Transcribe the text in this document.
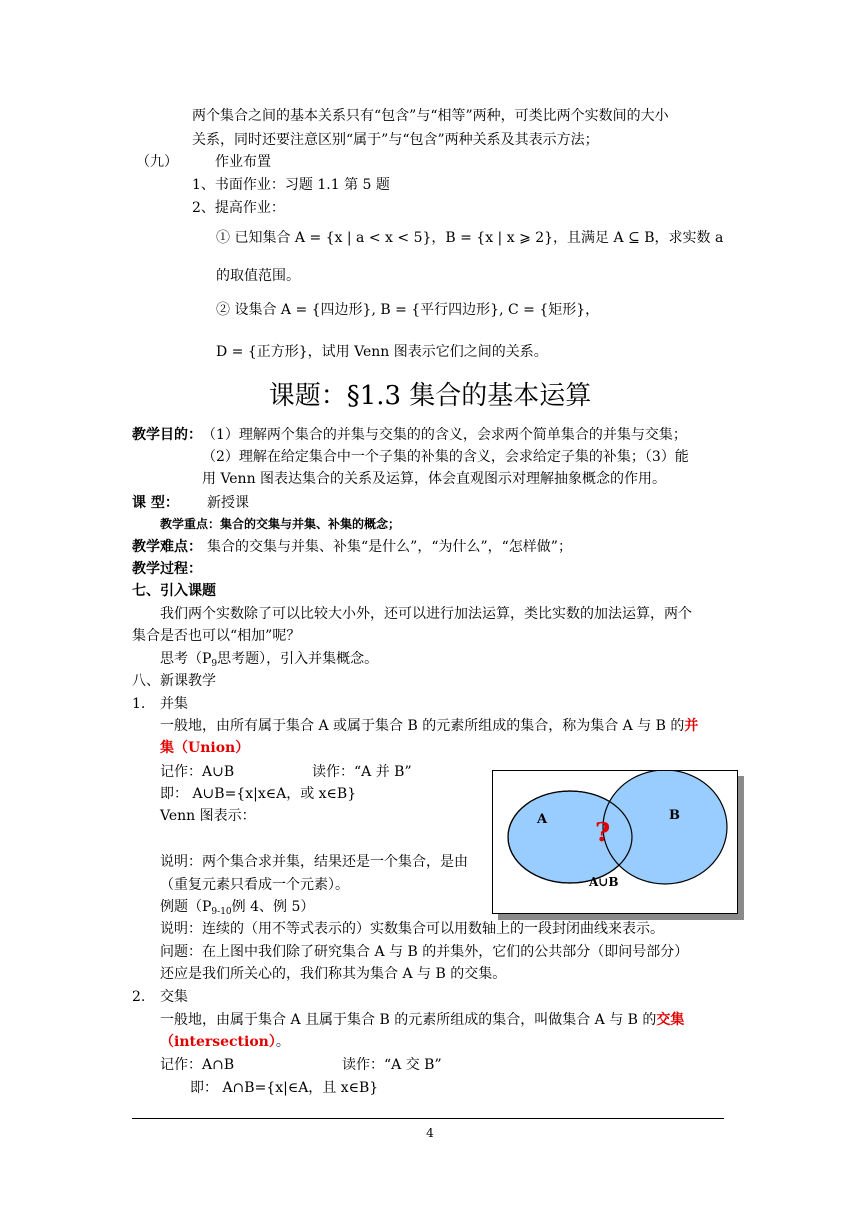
两个集合之间的基本关系只有“包含”与“相等”两种，可类比两个实数间的大小
关系，同时还要注意区别“属于”与“包含”两种关系及其表示方法；
（九）	作业布置
1、书面作业：习题 1.1 第 5 题
2、提高作业：
① 已知集合 A = {x | a < x < 5}，B = {x | x ⩾ 2}，且满足 A ⊆ B，求实数 a
的取值范围。
② 设集合 A = {四边形}, B = {平行四边形}, C = {矩形}，
D = {正方形}，试用 Venn 图表示它们之间的关系。
课题：§1.3 集合的基本运算
教学目的： （1）理解两个集合的并集与交集的的含义，会求两个简单集合的并集与交集；
（2）理解在给定集合中一个子集的补集的含义，会求给定子集的补集；（3）能
用 Venn 图表达集合的关系及运算，体会直观图示对理解抽象概念的作用。
课 型： 新授课
教学重点：集合的交集与并集、补集的概念；
教学难点： 集合的交集与并集、补集“是什么”，“为什么”，“怎样做”；
教学过程：
七、引入课题
我们两个实数除了可以比较大小外，还可以进行加法运算，类比实数的加法运算，两个
集合是否也可以“相加”呢？
思考（$P_9$思考题），引入并集概念。
八、新课教学
1. 并集
一般地，由所有属于集合 A 或属于集合 B 的元素所组成的集合，称为集合 A 与 B 的并
集（Union）
记作：A∪B	读作：“A 并 B”
即： A∪B={x|x∈A，或 x∈B}
Venn 图表示：
说明：两个集合求并集，结果还是一个集合，是由
（重复元素只看成一个元素）。
例题（$P_{9-10}$例 4、例 5）
说明：连续的（用不等式表示的）实数集合可以用数轴上的一段封闭曲线来表示。
问题：在上图中我们除了研究集合 A 与 B 的并集外，它们的公共部分（即问号部分）
还应是我们所关心的，我们称其为集合 A 与 B 的交集。
2. 交集
一般地，由属于集合 A 且属于集合 B 的元素所组成的集合，叫做集合 A 与 B 的交集
（intersection）。
记作：A∩B	读作：“A 交 B”
即： A∩B={x|∈A，且 x∈B}
A	B
?
A∪B
4
